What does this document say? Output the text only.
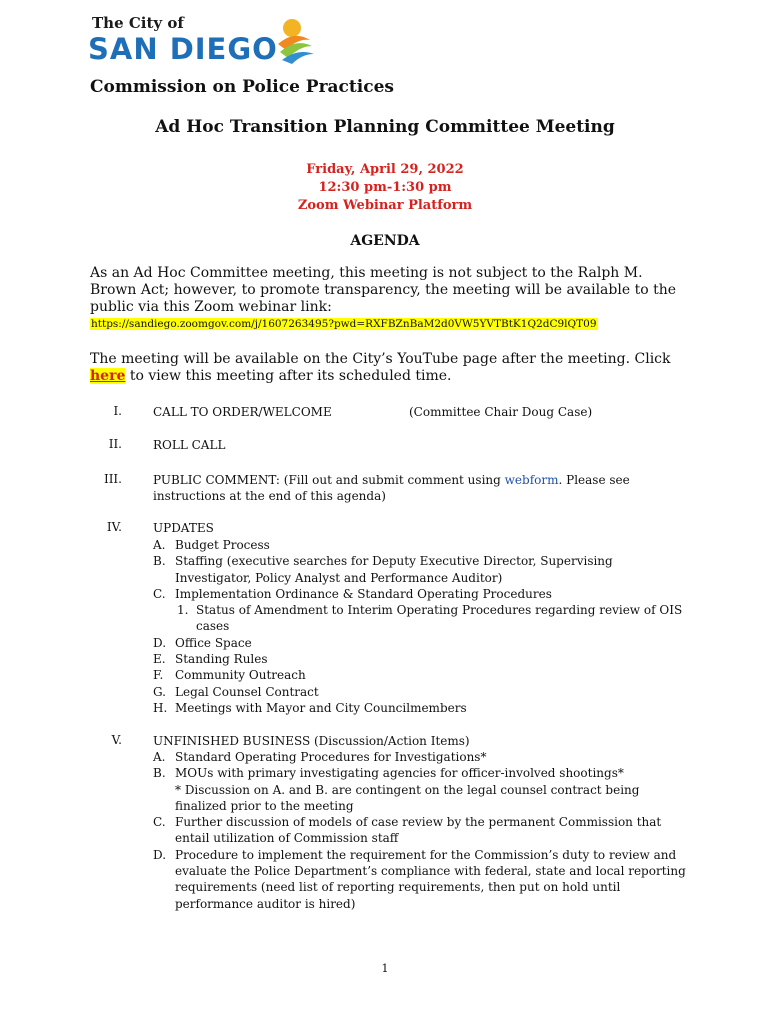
The City of
SAN DIEGO
Commission on Police Practices
Ad Hoc Transition Planning Committee Meeting
Friday, April 29, 2022
12:30 pm-1:30 pm
Zoom Webinar Platform
AGENDA
As an Ad Hoc Committee meeting, this meeting is not subject to the Ralph M. Brown Act; however, to promote transparency, the meeting will be available to the public via this Zoom webinar link:
https://sandiego.zoomgov.com/j/1607263495?pwd=RXFBZnBaM2d0VW5YVTBtK1Q2dC9lQT09
The meeting will be available on the City’s YouTube page after the meeting. Click here to view this meeting after its scheduled time.
I.	CALL TO ORDER/WELCOME	(Committee Chair Doug Case)
II.	ROLL CALL
III.	PUBLIC COMMENT: (Fill out and submit comment using webform. Please see instructions at the end of this agenda)
IV.	UPDATES
A. Budget Process
B. Staffing (executive searches for Deputy Executive Director, Supervising Investigator, Policy Analyst and Performance Auditor)
C. Implementation Ordinance & Standard Operating Procedures
1. Status of Amendment to Interim Operating Procedures regarding review of OIS cases
D. Office Space
E. Standing Rules
F. Community Outreach
G. Legal Counsel Contract
H. Meetings with Mayor and City Councilmembers
V.	UNFINISHED BUSINESS (Discussion/Action Items)
A. Standard Operating Procedures for Investigations*
B. MOUs with primary investigating agencies for officer-involved shootings*
* Discussion on A. and B. are contingent on the legal counsel contract being finalized prior to the meeting
C. Further discussion of models of case review by the permanent Commission that entail utilization of Commission staff
D. Procedure to implement the requirement for the Commission’s duty to review and evaluate the Police Department’s compliance with federal, state and local reporting requirements (need list of reporting requirements, then put on hold until performance auditor is hired)
1
